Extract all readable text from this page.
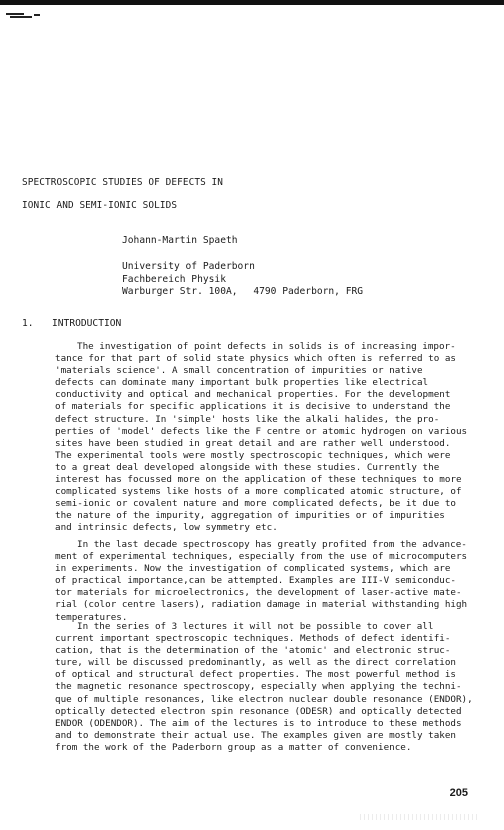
SPECTROSCOPIC STUDIES OF DEFECTS IN
IONIC AND SEMI-IONIC SOLIDS
Johann-Martin Spaeth
University of Paderborn
Fachbereich Physik
Warburger Str. 100A, 4790 Paderborn, FRG
1. INTRODUCTION
The investigation of point defects in solids is of increasing impor-
tance for that part of solid state physics which often is referred to as
'materials science'. A small concentration of impurities or native
defects can dominate many important bulk properties like electrical
conductivity and optical and mechanical properties. For the development
of materials for specific applications it is decisive to understand the
defect structure. In 'simple' hosts like the alkali halides, the pro-
perties of 'model' defects like the F centre or atomic hydrogen on various
sites have been studied in great detail and are rather well understood.
The experimental tools were mostly spectroscopic techniques, which were
to a great deal developed alongside with these studies. Currently the
interest has focussed more on the application of these techniques to more
complicated systems like hosts of a more complicated atomic structure, of
semi-ionic or covalent nature and more complicated defects, be it due to
the nature of the impurity, aggregation of impurities or of impurities
and intrinsic defects, low symmetry etc.
In the last decade spectroscopy has greatly profited from the advance-
ment of experimental techniques, especially from the use of microcomputers
in experiments. Now the investigation of complicated systems, which are
of practical importance,can be attempted. Examples are III-V semiconduc-
tor materials for microelectronics, the development of laser-active mate-
rial (color centre lasers), radiation damage in material withstanding high
temperatures.
In the series of 3 lectures it will not be possible to cover all
current important spectroscopic techniques. Methods of defect identifi-
cation, that is the determination of the 'atomic' and electronic struc-
ture, will be discussed predominantly, as well as the direct correlation
of optical and structural defect properties. The most powerful method is
the magnetic resonance spectroscopy, especially when applying the techni-
que of multiple resonances, like electron nuclear double resonance (ENDOR),
optically detected electron spin resonance (ODESR) and optically detected
ENDOR (ODENDOR). The aim of the lectures is to introduce to these methods
and to demonstrate their actual use. The examples given are mostly taken
from the work of the Paderborn group as a matter of convenience.
205
